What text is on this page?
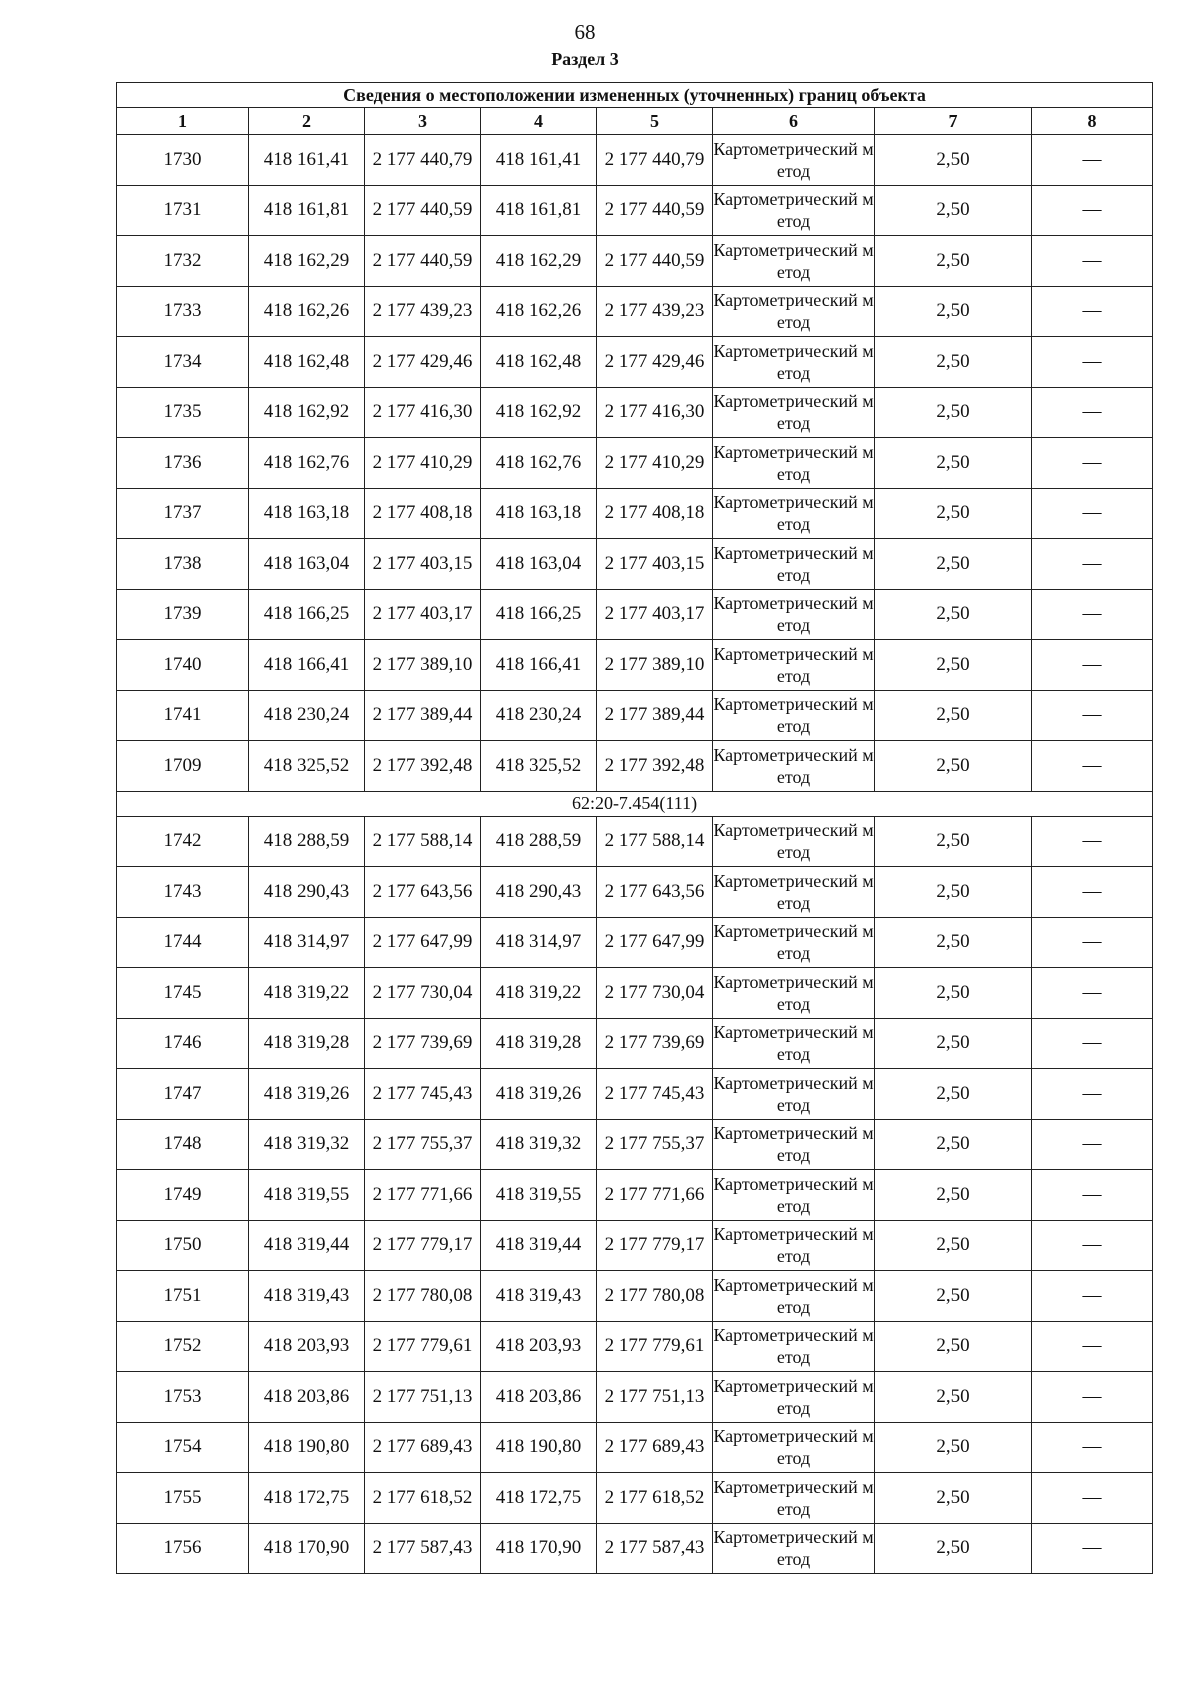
68
Раздел 3
Сведения о местоположении измененных (уточненных) границ объекта							
1	2	3	4	5	6	7	8
1730	418 161,41	2 177 440,79	418 161,41	2 177 440,79	Картометрический метод	2,50	—
1731	418 161,81	2 177 440,59	418 161,81	2 177 440,59	Картометрический метод	2,50	—
1732	418 162,29	2 177 440,59	418 162,29	2 177 440,59	Картометрический метод	2,50	—
1733	418 162,26	2 177 439,23	418 162,26	2 177 439,23	Картометрический метод	2,50	—
1734	418 162,48	2 177 429,46	418 162,48	2 177 429,46	Картометрический метод	2,50	—
1735	418 162,92	2 177 416,30	418 162,92	2 177 416,30	Картометрический метод	2,50	—
1736	418 162,76	2 177 410,29	418 162,76	2 177 410,29	Картометрический метод	2,50	—
1737	418 163,18	2 177 408,18	418 163,18	2 177 408,18	Картометрический метод	2,50	—
1738	418 163,04	2 177 403,15	418 163,04	2 177 403,15	Картометрический метод	2,50	—
1739	418 166,25	2 177 403,17	418 166,25	2 177 403,17	Картометрический метод	2,50	—
1740	418 166,41	2 177 389,10	418 166,41	2 177 389,10	Картометрический метод	2,50	—
1741	418 230,24	2 177 389,44	418 230,24	2 177 389,44	Картометрический метод	2,50	—
1709	418 325,52	2 177 392,48	418 325,52	2 177 392,48	Картометрический метод	2,50	—
62:20-7.454(111)							
1742	418 288,59	2 177 588,14	418 288,59	2 177 588,14	Картометрический метод	2,50	—
1743	418 290,43	2 177 643,56	418 290,43	2 177 643,56	Картометрический метод	2,50	—
1744	418 314,97	2 177 647,99	418 314,97	2 177 647,99	Картометрический метод	2,50	—
1745	418 319,22	2 177 730,04	418 319,22	2 177 730,04	Картометрический метод	2,50	—
1746	418 319,28	2 177 739,69	418 319,28	2 177 739,69	Картометрический метод	2,50	—
1747	418 319,26	2 177 745,43	418 319,26	2 177 745,43	Картометрический метод	2,50	—
1748	418 319,32	2 177 755,37	418 319,32	2 177 755,37	Картометрический метод	2,50	—
1749	418 319,55	2 177 771,66	418 319,55	2 177 771,66	Картометрический метод	2,50	—
1750	418 319,44	2 177 779,17	418 319,44	2 177 779,17	Картометрический метод	2,50	—
1751	418 319,43	2 177 780,08	418 319,43	2 177 780,08	Картометрический метод	2,50	—
1752	418 203,93	2 177 779,61	418 203,93	2 177 779,61	Картометрический метод	2,50	—
1753	418 203,86	2 177 751,13	418 203,86	2 177 751,13	Картометрический метод	2,50	—
1754	418 190,80	2 177 689,43	418 190,80	2 177 689,43	Картометрический метод	2,50	—
1755	418 172,75	2 177 618,52	418 172,75	2 177 618,52	Картометрический метод	2,50	—
1756	418 170,90	2 177 587,43	418 170,90	2 177 587,43	Картометрический метод	2,50	—
